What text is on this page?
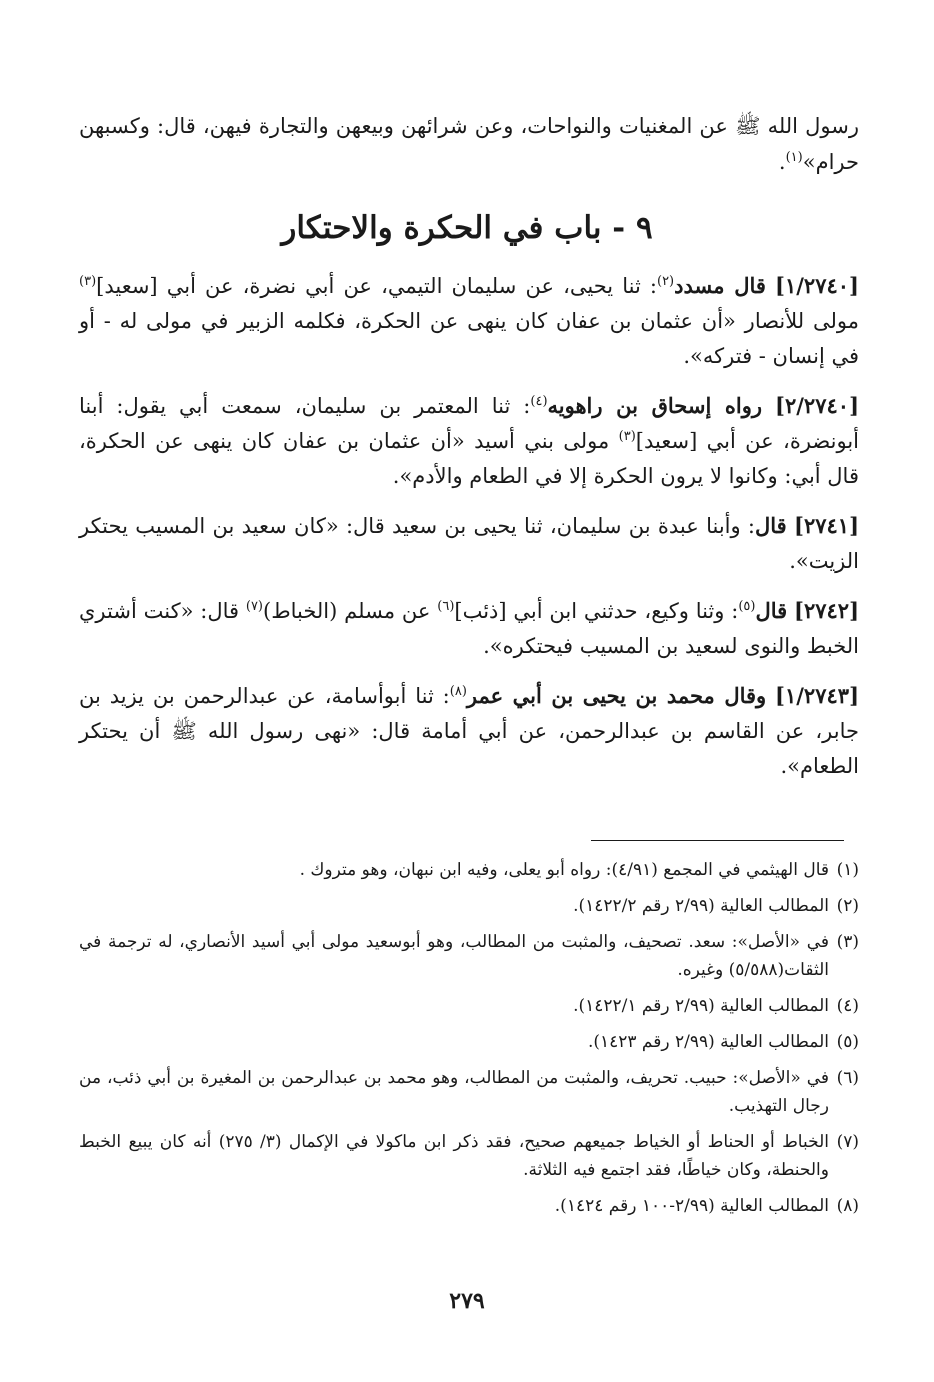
رسول الله ﷺ عن المغنيات والنواحات، وعن شرائهن وبيعهن والتجارة فيهن، قال: وكسبهن حرام»$^{(١)}$.
٩ - باب في الحكرة والاحتكار

[١/٢٧٤٠] قال مسدد$^{(٢)}$: ثنا يحيى، عن سليمان التيمي، عن أبي نضرة، عن أبي [سعيد]$^{(٣)}$ مولى للأنصار «أن عثمان بن عفان كان ينهى عن الحكرة، فكلمه الزبير في مولى له - أو في إنسان - فتركه».

[٢/٢٧٤٠] رواه إسحاق بن راهويه$^{(٤)}$: ثنا المعتمر بن سليمان، سمعت أبي يقول: أبنا أبونضرة، عن أبي [سعيد]$^{(٣)}$ مولى بني أسيد «أن عثمان بن عفان كان ينهى عن الحكرة، قال أبي: وكانوا لا يرون الحكرة إلا في الطعام والأدم».

[٢٧٤١] قال: وأبنا عبدة بن سليمان، ثنا يحيى بن سعيد قال: «كان سعيد بن المسيب يحتكر الزيت».

[٢٧٤٢] قال$^{(٥)}$: وثنا وكيع، حدثني ابن أبي [ذئب]$^{(٦)}$ عن مسلم (الخباط)$^{(٧)}$ قال: «كنت أشتري الخبط والنوى لسعيد بن المسيب فيحتكره».

[١/٢٧٤٣] وقال محمد بن يحيى بن أبي عمر$^{(٨)}$: ثنا أبوأسامة، عن عبدالرحمن بن يزيد بن جابر، عن القاسم بن عبدالرحمن، عن أبي أمامة قال: «نهى رسول الله ﷺ أن يحتكر الطعام».

(١)قال الهيثمي في المجمع (٤/٩١): رواه أبو يعلى، وفيه ابن نبهان، وهو متروك .
(٢)المطالب العالية (٢/٩٩ رقم ١٤٢٢/٢).
(٣)في «الأصل»: سعد. تصحيف، والمثبت من المطالب، وهو أبوسعيد مولى أبي أسيد الأنصاري، له ترجمة في الثقات(٥/٥٨٨) وغيره.
(٤)المطالب العالية (٢/٩٩ رقم ١٤٢٢/١).
(٥)المطالب العالية (٢/٩٩ رقم ١٤٢٣).
(٦)في «الأصل»: حبيب. تحريف، والمثبت من المطالب، وهو محمد بن عبدالرحمن بن المغيرة بن أبي ذئب، من رجال التهذيب.
(٧)الخباط أو الحناط أو الخياط جميعهم صحيح، فقد ذكر ابن ماكولا في الإكمال (٣/ ٢٧٥) أنه كان يبيع الخبط والحنطة، وكان خياطًا، فقد اجتمع فيه الثلاثة.
(٨)المطالب العالية (٢/٩٩-١٠٠ رقم ١٤٢٤).
٢٧٩
